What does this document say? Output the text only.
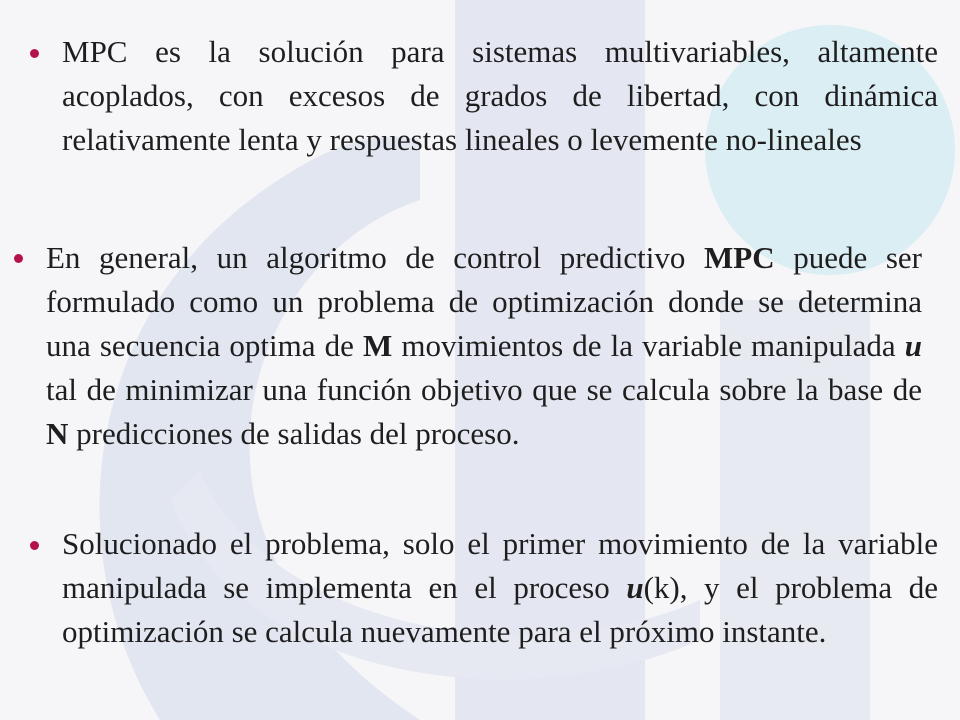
MPC es la solución para sistemas multivariables, altamente acoplados, con excesos de grados de libertad, con dinámica relativamente lenta y respuestas lineales o levemente no-lineales

En general, un algoritmo de control predictivo MPC puede ser formulado como un problema de optimización donde se determina una secuencia optima de M movimientos de la variable manipulada u tal de minimizar una función objetivo que se calcula sobre la base de N predicciones de salidas del proceso.

Solucionado el problema, solo el primer movimiento de la variable manipulada se implementa en el proceso u(k), y el problema de optimización se calcula nuevamente para el próximo instante.
